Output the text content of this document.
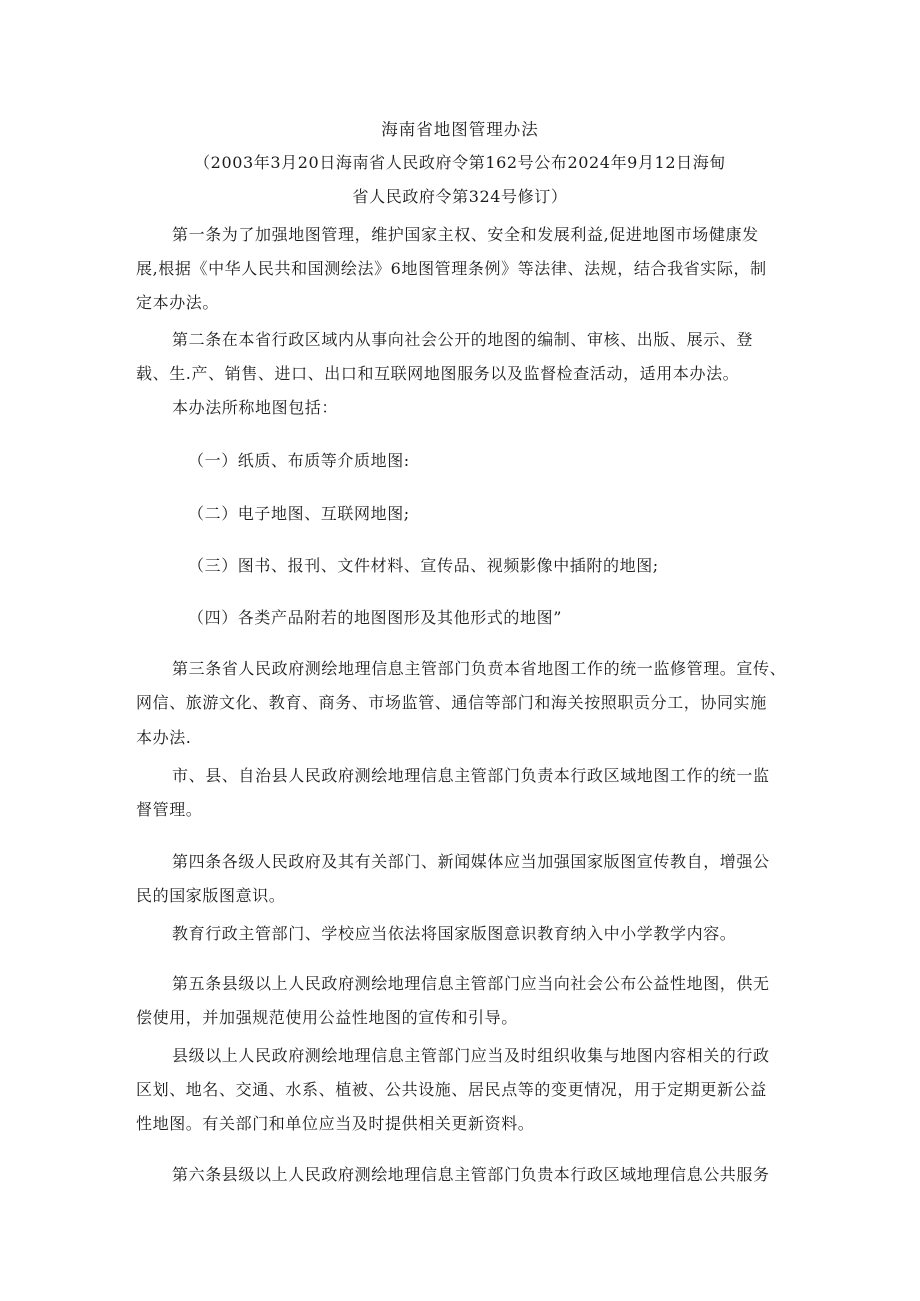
海南省地图管理办法
（2003年3月20日海南省人民政府令第162号公布2024年9月12日海甸
省人民政府令第324号修订）
第一条为了加强地图管理，维护国家主权、安全和发展利益,促进地图市场健康发
展,根据《中华人民共和国测绘法》6地图管理条例》等法律、法规，结合我省实际，制
定本办法。
第二条在本省行政区域内从事向社会公开的地图的编制、审核、出版、展示、登
载、生.产、销售、进口、出口和互联网地图服务以及监督检查活动，适用本办法。
本办法所称地图包括：
（一）纸质、布质等介质地图:
（二）电子地图、互联网地图;
（三）图书、报刊、文件材料、宣传品、视频影像中插附的地图;
（四）各类产品附若的地图图形及其他形式的地图”
第三条省人民政府测绘地理信息主管部门负贲本省地图工作的统一监修管理。宣传、
网信、旅游文化、教育、商务、市场监管、通信等部门和海关按照职贡分工，协同实施
本办法.
市、县、自治县人民政府测绘地理信息主管部门负责本行政区域地图工作的统一监
督管理。
第四条各级人民政府及其有关部门、新闻媒体应当加强国家版图宣传教自，增强公
民的国家版图意识。
教育行政主管部门、学校应当依法将国家版图意识教育纳入中小学教学内容。
第五条县级以上人民政府测绘地理信息主管部门应当向社会公布公益性地图，供无
偿使用，并加强规范使用公益性地图的宣传和引导。
县级以上人民政府测绘地理信息主管部门应当及时组织收集与地图内容相关的行政
区划、地名、交通、水系、植被、公共设施、居民点等的变更情况，用于定期更新公益
性地图。有关部门和单位应当及时提供相关更新资料。
第六条县级以上人民政府测绘地理信息主管部门负贵本行政区域地理信息公共服务
